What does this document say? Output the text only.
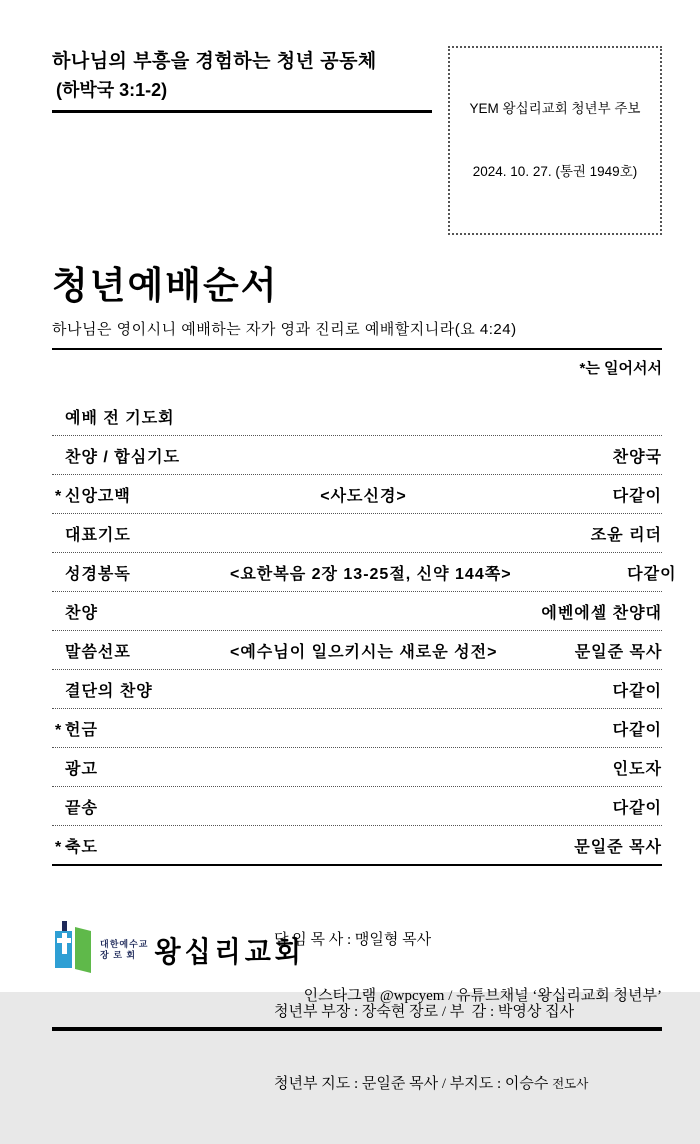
하나님의 부흥을 경험하는 청년 공동체
(하박국 3:1-2)

YEM 왕십리교회 청년부 주보

2024. 10. 27. (통권 1949호)

청년예배순서
하나님은 영이시니 예배하는 자가 영과 진리로 예배할지니라(요 4:24)
*는 일어서서
예배 전 기도회
찬양 / 합심기도	찬양국
* 신앙고백	<사도신경>	다같이
대표기도	조윤 리더
성경봉독	<요한복음 2장 13-25절, 신약 144쪽>	다같이
찬양	에벤에셀 찬양대
말씀선포	<예수님이 일으키시는 새로운 성전>	문일준 목사
결단의 찬양	다같이
* 헌금	다같이
광고	인도자
끝송	다같이
* 축도	문일준 목사
대한예수교
장 로 회 왕십리교회

담 임 목 사 : 맹일형 목사

청년부 부장 : 장숙현 장로 / 부  감 : 박영상 집사

청년부 지도 : 문일준 목사 / 부지도 : 이승수 전도사

인스타그램 @wpcyem / 유튜브채널 ‘왕십리교회 청년부’
